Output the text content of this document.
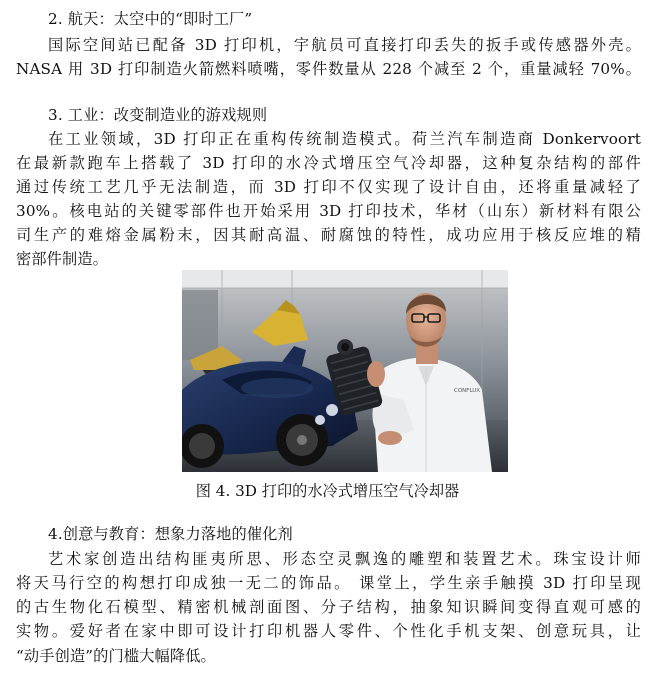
2. 航天：太空中的“即时工厂”
国际空间站已配备 3D 打印机，宇航员可直接打印丢失的扳手或传感器外壳。
NASA 用 3D 打印制造火箭燃料喷嘴，零件数量从 228 个减至 2 个，重量减轻 70%。
3. 工业：改变制造业的游戏规则
在工业领域，3D 打印正在重构传统制造模式。荷兰汽车制造商 Donkervoort
在最新款跑车上搭载了 3D 打印的水冷式增压空气冷却器，这种复杂结构的部件
通过传统工艺几乎无法制造，而 3D 打印不仅实现了设计自由，还将重量减轻了
30%。核电站的关键零部件也开始采用 3D 打印技术，华材（山东）新材料有限公
司生产的难熔金属粉末，因其耐高温、耐腐蚀的特性，成功应用于核反应堆的精
密部件制造。
CONFLUX
图 4. 3D 打印的水冷式增压空气冷却器
4.创意与教育：想象力落地的催化剂
艺术家创造出结构匪夷所思、形态空灵飘逸的雕塑和装置艺术。珠宝设计师
将天马行空的构想打印成独一无二的饰品。 课堂上，学生亲手触摸 3D 打印呈现
的古生物化石模型、精密机械剖面图、分子结构，抽象知识瞬间变得直观可感的
实物。爱好者在家中即可设计打印机器人零件、个性化手机支架、创意玩具，让
“动手创造”的门槛大幅降低。
